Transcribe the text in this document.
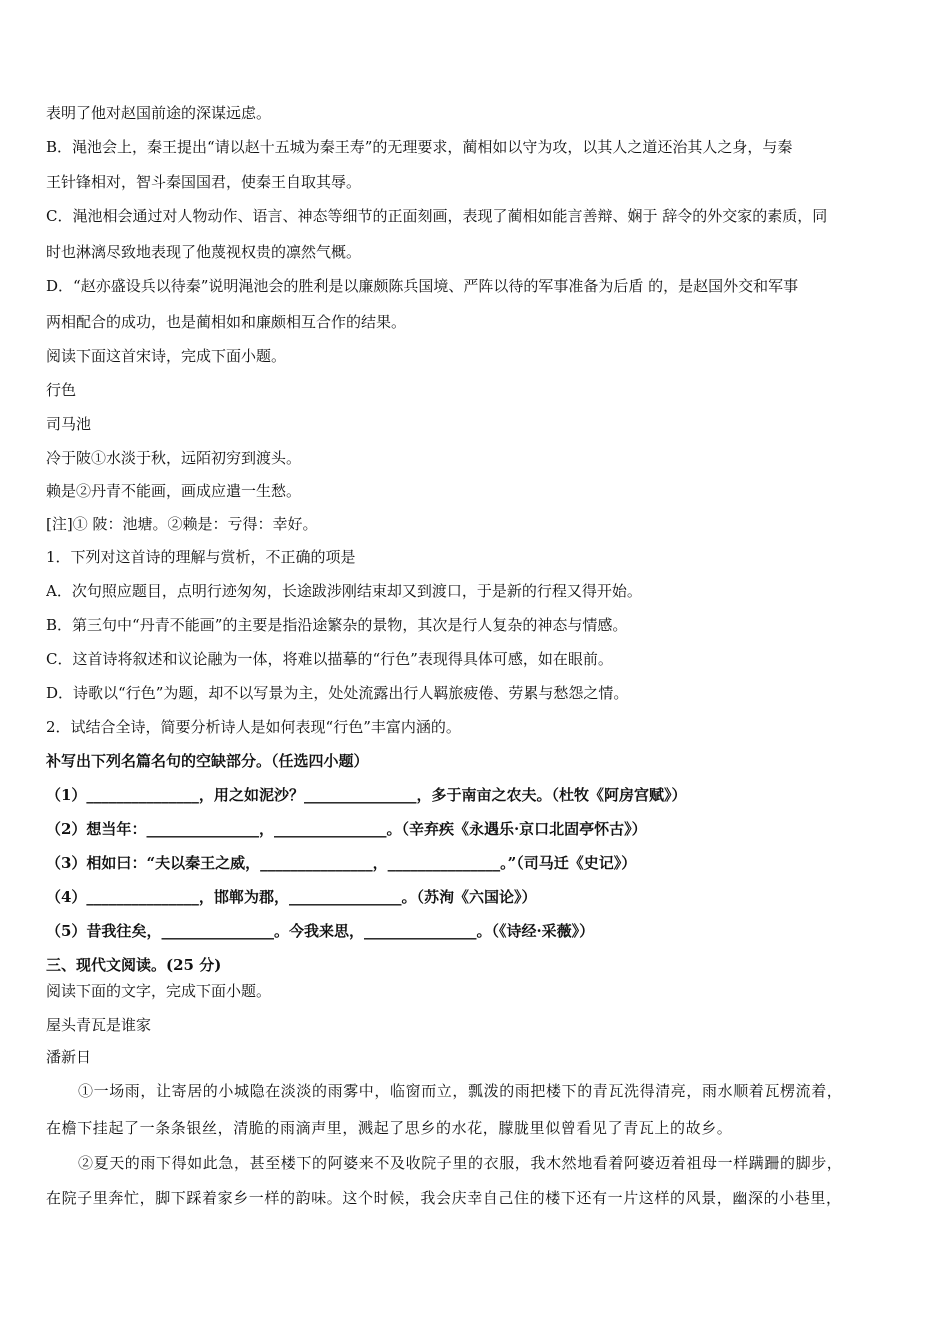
表明了他对赵国前途的深谋远虑。
B．渑池会上，秦王提出“请以赵十五城为秦王寿”的无理要求，蔺相如以守为攻，以其人之道还治其人之身，与秦
王针锋相对，智斗秦国国君，使秦王自取其辱。
C．渑池相会通过对人物动作、语言、神态等细节的正面刻画，表现了蔺相如能言善辩、娴于 辞令的外交家的素质，同
时也淋漓尽致地表现了他蔑视权贵的凛然气概。
D．“赵亦盛设兵以待秦”说明渑池会的胜利是以廉颇陈兵国境、严阵以待的军事准备为后盾 的，是赵国外交和军事
两相配合的成功，也是蔺相如和廉颇相互合作的结果。
阅读下面这首宋诗，完成下面小题。
行色
司马池
冷于陂①水淡于秋，远陌初穷到渡头。
赖是②丹青不能画，画成应遣一生愁。
[注]① 陂：池塘。②赖是：亏得：幸好。
1．下列对这首诗的理解与赏析，不正确的项是
A．次句照应题目，点明行迹匆匆，长途跋涉刚结束却又到渡口，于是新的行程又得开始。
B．第三句中“丹青不能画”的主要是指沿途繁杂的景物，其次是行人复杂的神态与情感。
C．这首诗将叙述和议论融为一体，将难以描摹的“行色”表现得具体可感，如在眼前。
D．诗歌以“行色”为题，却不以写景为主，处处流露出行人羁旅疲倦、劳累与愁怨之情。
2．试结合全诗，简要分析诗人是如何表现“行色”丰富内涵的。
补写出下列名篇名句的空缺部分。（任选四小题）
（1）_______________，用之如泥沙？_______________，多于南亩之农夫。（杜牧《阿房宫赋》）
（2）想当年：_______________，_______________。（辛弃疾《永遇乐·京口北固亭怀古》）
（3）相如曰：“夫以秦王之威，_______________，_______________。”（司马迁《史记》）
（4）_______________，邯郸为郡，_______________。（苏洵《六国论》）
（5）昔我往矣，_______________。今我来思，_______________。（《诗经·采薇》）
三、现代文阅读。(25 分)
阅读下面的文字，完成下面小题。
屋头青瓦是谁家
潘新日
①一场雨，让寄居的小城隐在淡淡的雨雾中，临窗而立，瓢泼的雨把楼下的青瓦洗得清亮，雨水顺着瓦楞流着，
在檐下挂起了一条条银丝，清脆的雨滴声里，溅起了思乡的水花，朦胧里似曾看见了青瓦上的故乡。
②夏天的雨下得如此急，甚至楼下的阿婆来不及收院子里的衣服，我木然地看着阿婆迈着祖母一样蹒跚的脚步，
在院子里奔忙，脚下踩着家乡一样的韵味。这个时候，我会庆幸自己住的楼下还有一片这样的风景，幽深的小巷里，
